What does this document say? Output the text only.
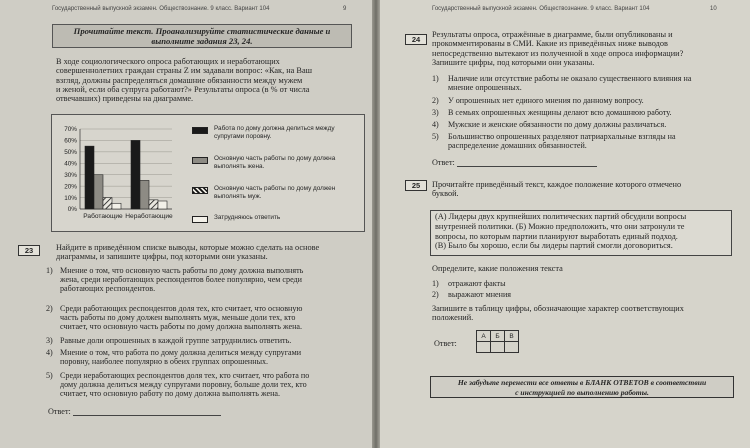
Государственный выпускной экзамен. Обществознание. 9 класс. Вариант 104	9
Прочитайте текст. Проанализируйте статистические данные и выполните задания 23, 24.
В ходе социологического опроса работающих и неработающих
совершеннолетних граждан страны Z им задавали вопрос: «Как, на Ваш
взгляд, должны распределяться домашние обязанности между мужем
и женой, если оба супруга работают?» Результаты опроса (в % от числа
отвечавших) приведены на диаграмме.
0%
10%
20%
30%
40%
50%
60%
70%
Работающие Неработающие
Работа по дому должна делиться между супругами поровну.
Основную часть работы по дому должна выполнять жена.
Основную часть работы по дому должен выполнять муж.
Затрудняюсь ответить
23	Найдите в приведённом списке выводы, которые можно сделать на основе
диаграммы, и запишите цифры, под которыми они указаны.
1) Мнение о том, что основную часть работы по дому должна выполнять
жена, среди неработающих респондентов более популярно, чем среди
работающих респондентов.
2) Среди работающих респондентов доля тех, кто считает, что основную
часть работы по дому должен выполнять муж, меньше доли тех, кто
считает, что основную часть работы по дому должна выполнять жена.
3) Равные доли опрошенных в каждой группе затруднились ответить.
4) Мнение о том, что работа по дому должна делиться между супругами
поровну, наиболее популярно в обеих группах опрошенных.
5) Среди неработающих респондентов доля тех, кто считает, что работа по
дому должна делиться между супругами поровну, больше доли тех, кто
считает, что основную работу по дому должна выполнять жена.
Ответ:
Государственный выпускной экзамен. Обществознание. 9 класс. Вариант 104	10
24
Результаты опроса, отражённые в диаграмме, были опубликованы и
прокомментированы в СМИ. Какие из приведённых ниже выводов
непосредственно вытекают из полученной в ходе опроса информации?
Запишите цифры, под которыми они указаны.
1)	Наличие или отсутствие работы не оказало существенного влияния на
мнение опрошенных.
2)	У опрошенных нет единого мнения по данному вопросу.
3)	В семьях опрошенных женщины делают всю домашнюю работу.
4)	Мужские и женские обязанности по дому должны различаться.
5)	Большинство опрошенных разделяют патриархальные взгляды на
распределение домашних обязанностей.
Ответ:
25	Прочитайте приведённый текст, каждое положение которого отмечено
буквой.
(А) Лидеры двух крупнейших политических партий обсудили вопросы
внутренней политики. (Б) Можно предположить, что они затронули те
вопросы, по которым партии планируют выработать единый подход.
(В) Было бы хорошо, если бы лидеры партий смогли договориться.
Определите, какие положения текста
1)	отражают факты
2)	выражают мнения
Запишите в таблицу цифры, обозначающие характер соответствующих
положений.
Ответ:
А	Б	В

Не забудьте перенести все ответы в БЛАНК ОТВЕТОВ в соответствии
с инструкцией по выполнению работы.
